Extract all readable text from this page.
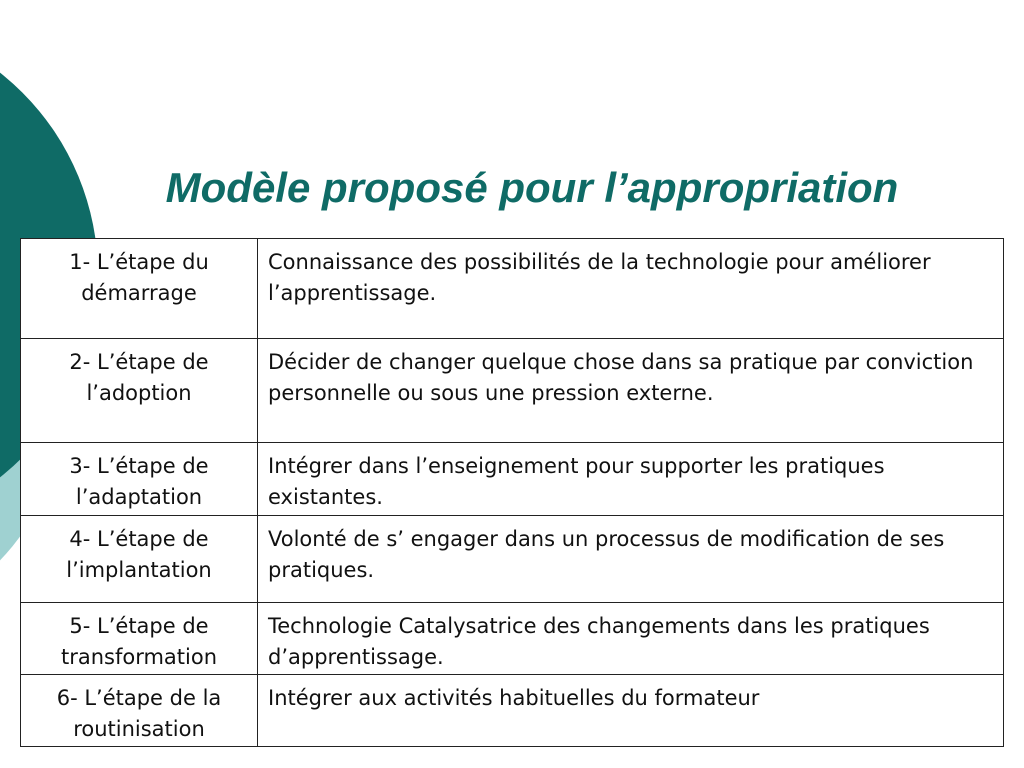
Modèle proposé pour l’appropriation
1- L’étape du démarrage	Connaissance des possibilités de la technologie pour améliorer l’apprentissage.
2- L’étape de l’adoption	Décider de changer quelque chose dans sa pratique par conviction personnelle ou sous une pression externe.
3- L’étape de l’adaptation	Intégrer dans l’enseignement pour supporter les pratiques existantes.
4- L’étape de l’implantation	Volonté de s’ engager dans un processus de modification de ses pratiques.
5- L’étape de transformation	Technologie Catalysatrice des changements dans les pratiques d’apprentissage.
6- L’étape de la routinisation	Intégrer aux activités habituelles du formateur
